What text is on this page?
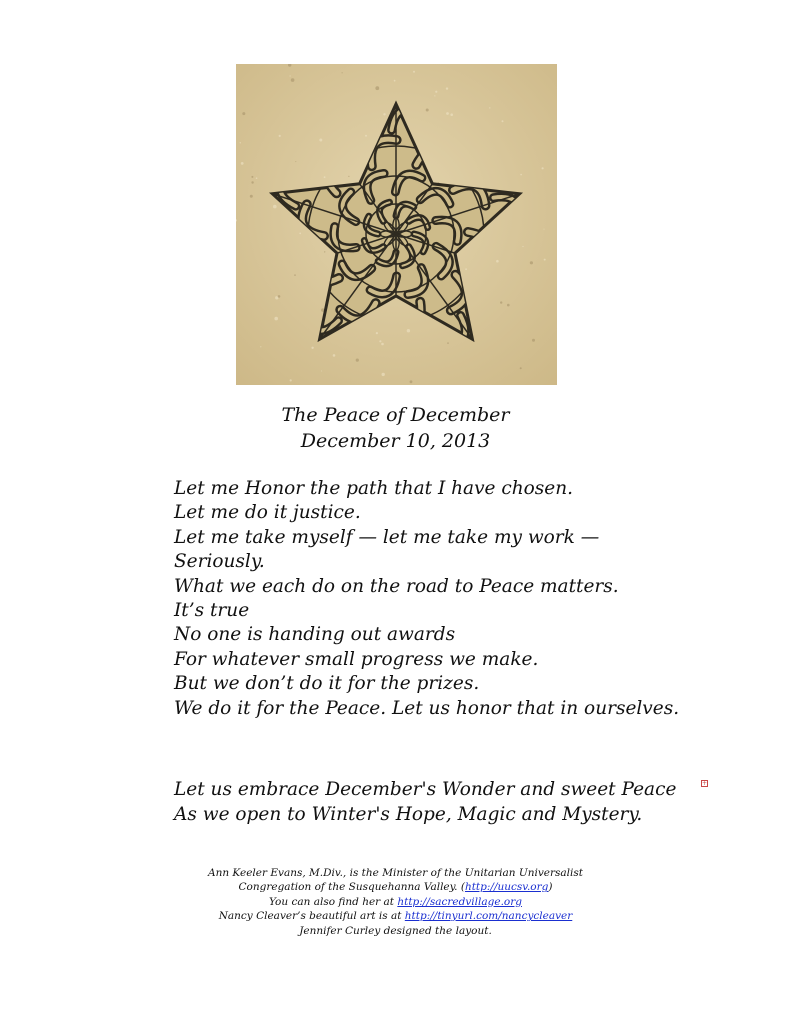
The Peace of December
December 10, 2013
Let me Honor the path that I have chosen.
Let me do it justice.
Let me take myself — let me take my work —
Seriously.
What we each do on the road to Peace matters.
It’s true
No one is handing out awards
For whatever small progress we make.
But we don’t do it for the prizes.
We do it for the Peace. Let us honor that in ourselves.
Let us embrace December's Wonder and sweet Peace
As we open to Winter's Hope, Magic and Mystery.
+
Ann Keeler Evans, M.Div., is the Minister of the Unitarian Universalist
Congregation of the Susquehanna Valley. (http://uucsv.org)
You can also find her at http://sacredvillage.org
Nancy Cleaver’s beautiful art is at http://tinyurl.com/nancycleaver
Jennifer Curley designed the layout.
